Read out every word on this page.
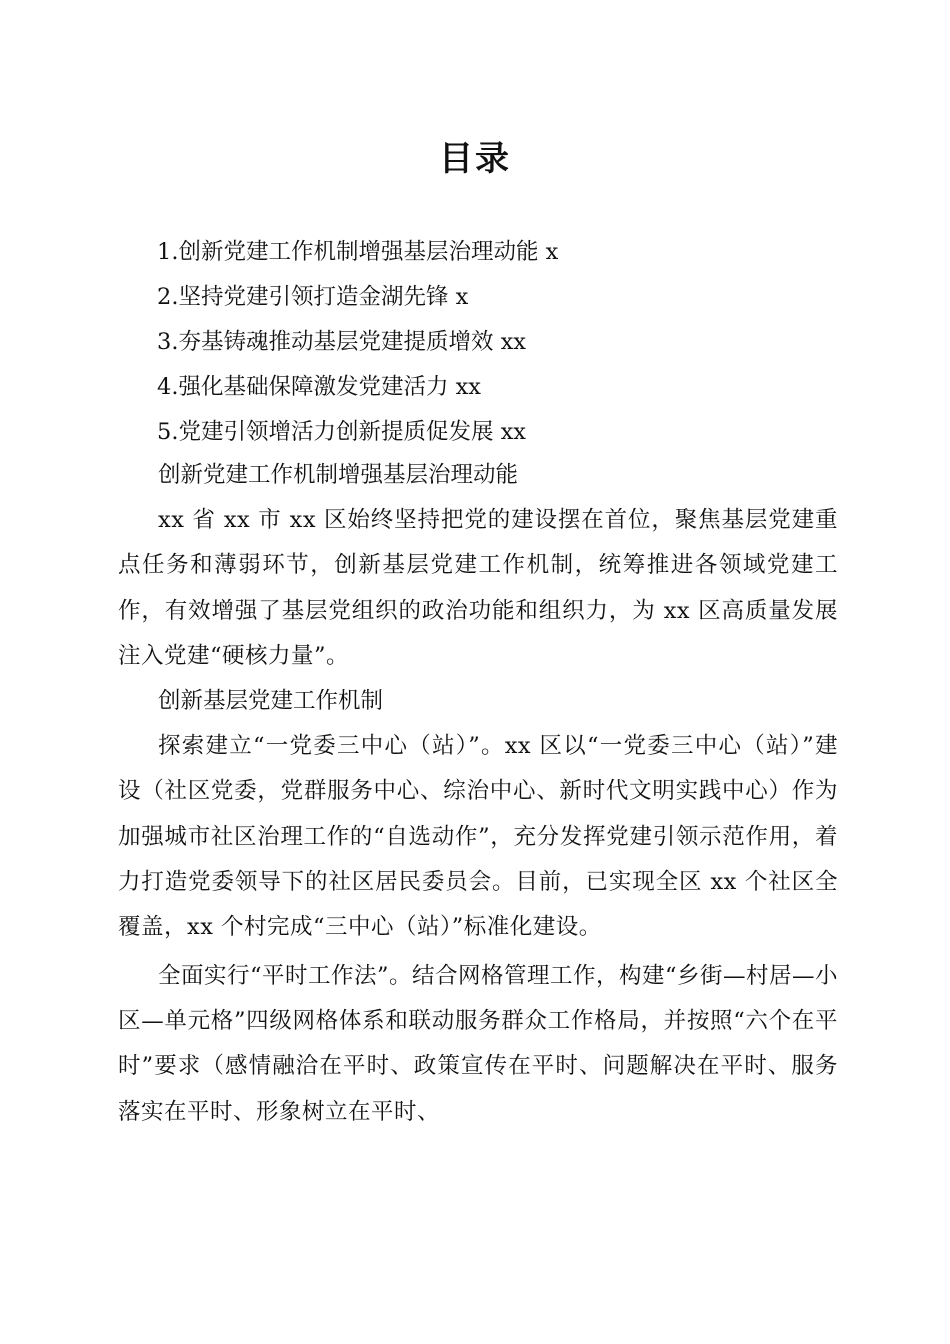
目录
1.创新党建工作机制增强基层治理动能 x
2.坚持党建引领打造金湖先锋 x
3.夯基铸魂推动基层党建提质增效 xx
4.强化基础保障激发党建活力 xx
5.党建引领增活力创新提质促发展 xx
创新党建工作机制增强基层治理动能
xx 省 xx 市 xx 区始终坚持把党的建设摆在首位，聚焦基层党建重点任务和薄弱环节，创新基层党建工作机制，统筹推进各领域党建工作，有效增强了基层党组织的政治功能和组织力，为 xx 区高质量发展注入党建“硬核力量”。
创新基层党建工作机制
探索建立“一党委三中心（站）”。xx 区以“一党委三中心（站）”建设（社区党委，党群服务中心、综治中心、新时代文明实践中心）作为加强城市社区治理工作的“自选动作”，充分发挥党建引领示范作用，着力打造党委领导下的社区居民委员会。目前，已实现全区 xx 个社区全覆盖，xx 个村完成“三中心（站）”标准化建设。
全面实行“平时工作法”。结合网格管理工作，构建“乡街—村居—小区—单元格”四级网格体系和联动服务群众工作格局，并按照“六个在平时”要求（感情融洽在平时、政策宣传在平时、问题解决在平时、服务落实在平时、形象树立在平时、
